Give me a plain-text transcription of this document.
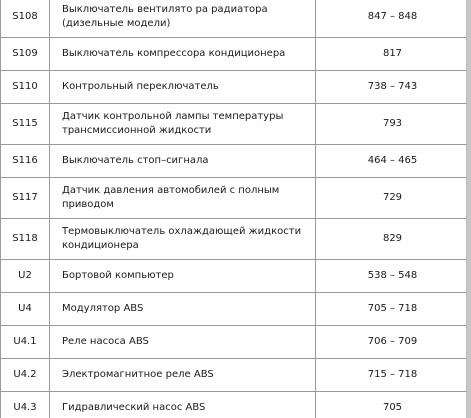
S108	Выключатель вентилято ра радиатора (дизельные модели)	847 – 848
S109	Выключатель компрессора кондиционера	817
S110	Контрольный переключатель	738 – 743
S115	Датчик контрольной лампы температуры трансмиссионной жидкости	793
S116	Выключатель стоп–сигнала	464 – 465
S117	Датчик давления автомобилей с полным приводом	729
S118	Термовыключатель охлаждающей жидкости кондиционера	829
U2	Бортовой компьютер	538 – 548
U4	Модулятор ABS	705 – 718
U4.1	Реле насоса ABS	706 – 709
U4.2	Электромагнитное реле ABS	715 – 718
U4.3	Гидравлический насос ABS	705
